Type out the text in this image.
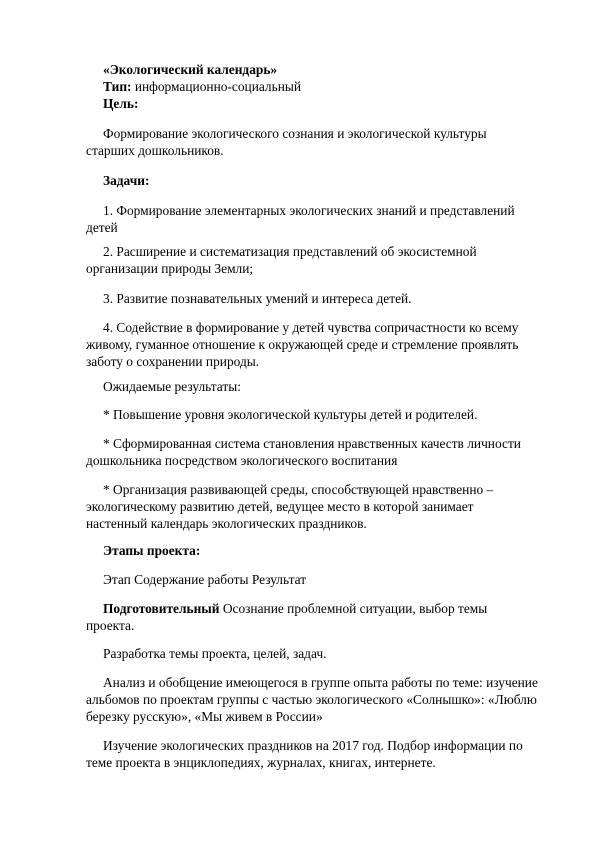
«Экологический календарь»
Тип: информационно-социальный
Цель:
Формирование экологического сознания и экологической культуры
старших дошкольников.
Задачи:
1. Формирование элементарных экологических знаний и представлений
детей
2. Расширение и систематизация представлений об экосистемной
организации природы Земли;
3. Развитие познавательных умений и интереса детей.
4. Содействие в формирование у детей чувства сопричастности ко всему
живому, гуманное отношение к окружающей среде и стремление проявлять
заботу о сохранении природы.
Ожидаемые результаты:
* Повышение уровня экологической культуры детей и родителей.
* Сформированная система становления нравственных качеств личности
дошкольника посредством экологического воспитания
* Организация развивающей среды, способствующей нравственно –
экологическому развитию детей, ведущее место в которой занимает
настенный календарь экологических праздников.
Этапы проекта:
Этап Содержание работы Результат
Подготовительный Осознание проблемной ситуации, выбор темы
проекта.
Разработка темы проекта, целей, задач.
Анализ и обобщение имеющегося в группе опыта работы по теме: изучение
альбомов по проектам группы с частью экологического «Солнышко»: «Люблю
березку русскую», «Мы живем в России»
Изучение экологических праздников на 2017 год. Подбор информации по
теме проекта в энциклопедиях, журналах, книгах, интернете.
